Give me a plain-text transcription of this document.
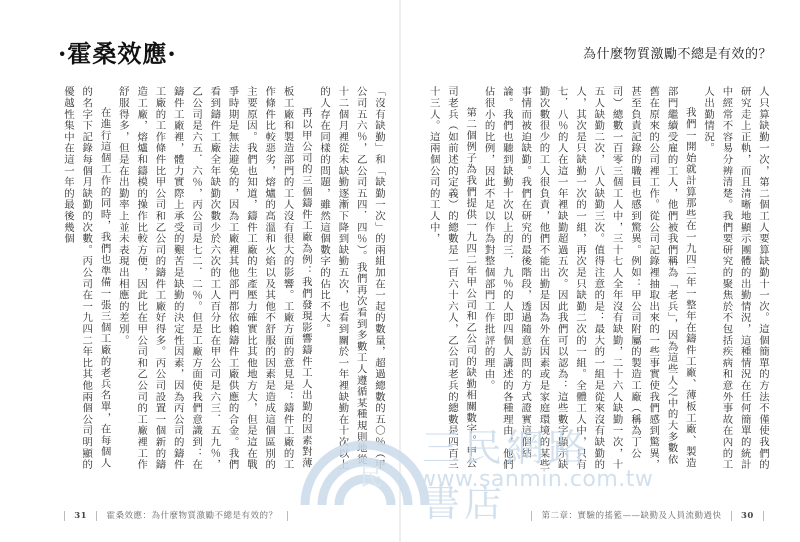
·霍桑效應·

「沒有缺勤」和「缺勤一次」的兩組加在一起的數量，超過總數的五〇％（甲公司五六％，乙公司五四．四％）。我們再次看到多數工人遵循某種規則地從十二個月裡從未缺勤逐漸下降到缺勤五次，也看到關於一年裡缺勤在十次以上的人存在同樣的問題，雖然這個數字的佔比不大。

再以甲公司的三個鑄件工廠為例：我們發現影響鑄件工人出勤的因素對薄板工廠和製造部門的工人沒有很大的影響。工廠方面的意見是：鑄件工廠的工作條件比較惡劣，熔爐的高溫和火焰以及其他不舒服的因素是造成這個區別的主要原因。我們也知道，鑄件工廠的生產壓力確實比其他地方大，但是這在戰爭時期是無法避免的，因為工廠裡其他部門都依賴鑄件工廠供應的合金。我們看到鑄件工廠全年缺勤次數少於六次的工人百分比在甲公司是六三．五九％，乙公司是六五．六％，丙公司是七二．二％。但是工廠方面使我們意識到：在鑄件工廠裡，體力實際上承受的艱苦是缺勤的決定性因素，因為丙公司的鑄件工廠的工作條件比甲公司和乙公司的鑄件工廠好得多。丙公司設置一個新的鑄造工廠，熔爐和鑄模的操作比較方便，因此比在甲公司和乙公司的工廠裡工作舒服得多，但是在出勤率上並未表現出相應的差別。

在進行這個工作的同時，我們也準備一張三個工廠的老兵名單，在每個人的名字下記錄每個月缺勤的次數。丙公司在一九四二年比其他兩個公司明顯的優越性集中在這一年的最後幾個

31 霍桑效應：為什麼物質激勵不總是有效的？
為什麼物質激勵不總是有效的？
第二章：實驗的搖籃——缺勤及人員流動過快 30

人只算缺勤一次，第二個工人要算缺勤十一次。這個簡單的方法不僅使我們的研究走上正軌，而且清晰地顯示團體的出勤情況，這種情況在任何簡單的統計中經常不容易分辨清楚。我們要研究的聚焦於不包括疾病和意外事故在內的工人出勤情況。

我們一開始就計算那些在一九四二年一整年在鑄件工廠、薄板工廠、製造部門繼續受雇的工人，他們被我們稱為「老兵」，因為這些人之中的大多數依舊在原來的公司裡工作。從公司記錄裡抽取出來的一些事實使我們感到驚異，甚至負責記錄的職員也感到驚異。例如：甲公司附屬的製造工廠（稱為丁公司）總數一百零三個工人中，三十七人全年沒有缺勤，二十六人缺勤一次，十五人缺勤二次，八人缺勤三次。值得注意的是：最大的一組是從來沒有缺勤的人，其次是只缺勤一次的一組，再次是只缺勤二次的一組。全體工人中，只有七．八％的人在這一年裡缺勤超過五次。因此我們可以認為：這些數字顯示缺勤次數很少的工人很負責，他們不能出勤是因為外在因素或是家庭環境的某些事情而被迫缺勤。我們在研究的最後階段，透過隨意訪問的方式證實這個結論。我們也聽到缺勤十次以上的三．九％的人即四個人講述的各種理由，他們佔很小的比例，因此不足以作為對整個部門工作批評的理由。

第二個例子為我們提供一九四二年甲公司和乙公司的缺勤相關數字。甲公司老兵（如前述的定義）的總數是一百六十六人，乙公司老兵的總數是四百三十三人。這兩個公司的工人中，

民
三民網路書店
www.sanmin.com.tw
